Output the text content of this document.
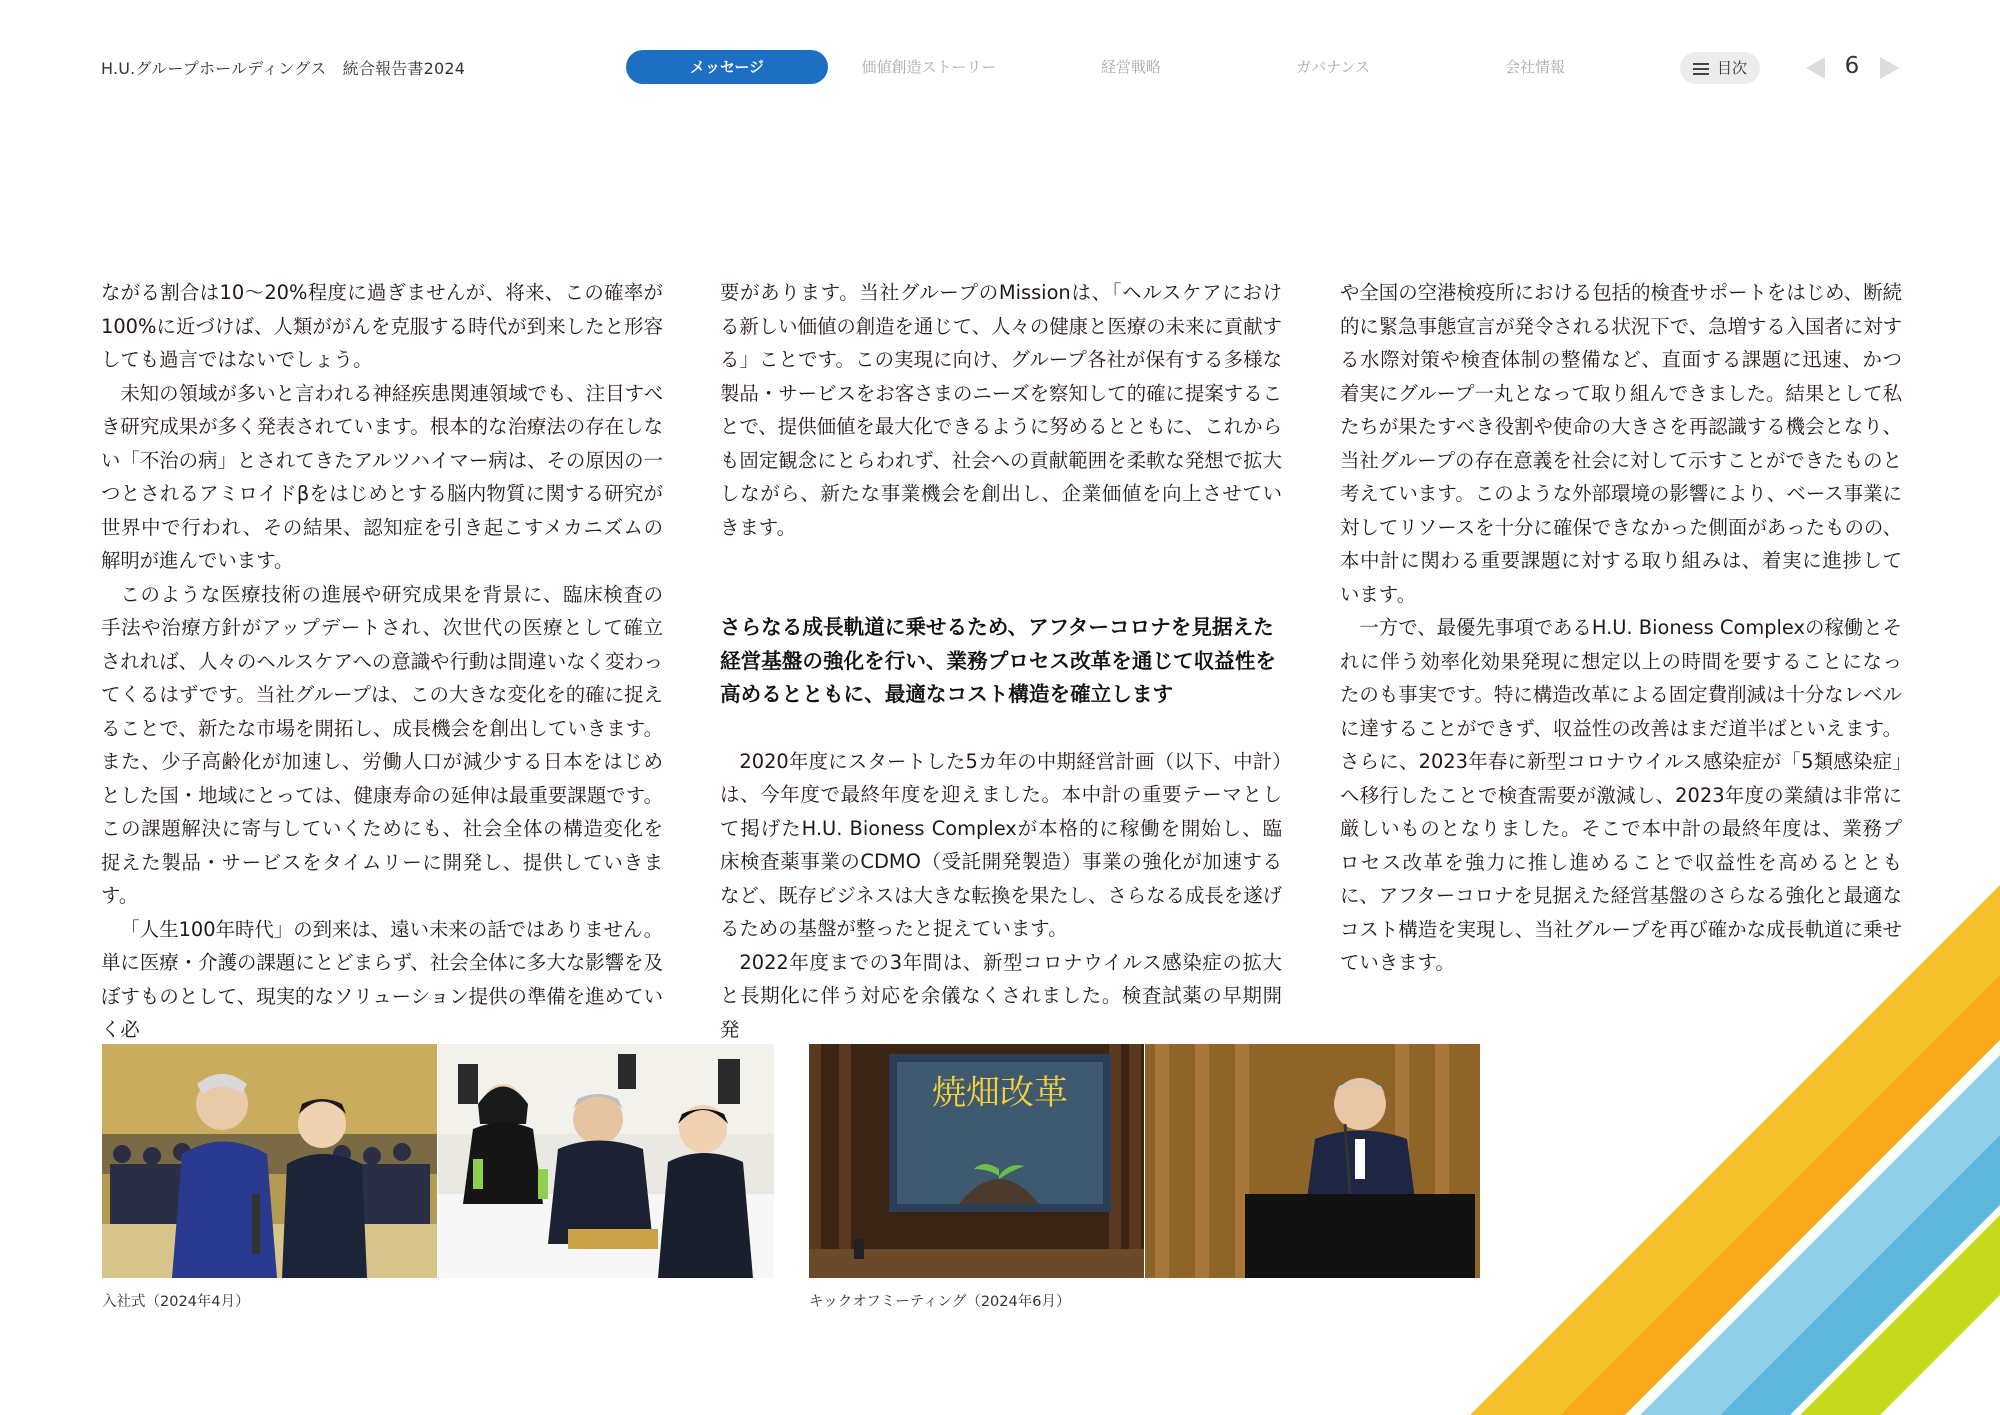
H.U.グループホールディングス　統合報告書2024	メッセージ	価値創造ストーリー	経営戦略	ガバナンス	会社情報	目次	6

ながる割合は10～20%程度に過ぎませんが、将来、この確率が100%に近づけば、人類ががんを克服する時代が到来したと形容しても過言ではないでしょう。

未知の領域が多いと言われる神経疾患関連領域でも、注目すべき研究成果が多く発表されています。根本的な治療法の存在しない「不治の病」とされてきたアルツハイマー病は、その原因の一つとされるアミロイドβをはじめとする脳内物質に関する研究が世界中で行われ、その結果、認知症を引き起こすメカニズムの解明が進んでいます。

このような医療技術の進展や研究成果を背景に、臨床検査の手法や治療方針がアップデートされ、次世代の医療として確立されれば、人々のヘルスケアへの意識や行動は間違いなく変わってくるはずです。当社グループは、この大きな変化を的確に捉えることで、新たな市場を開拓し、成長機会を創出していきます。また、少子高齢化が加速し、労働人口が減少する日本をはじめとした国・地域にとっては、健康寿命の延伸は最重要課題です。この課題解決に寄与していくためにも、社会全体の構造変化を捉えた製品・サービスをタイムリーに開発し、提供していきます。

「人生100年時代」の到来は、遠い未来の話ではありません。単に医療・介護の課題にとどまらず、社会全体に多大な影響を及ぼすものとして、現実的なソリューション提供の準備を進めていく必

要があります。当社グループのMissionは、「ヘルスケアにおける新しい価値の創造を通じて、人々の健康と医療の未来に貢献する」ことです。この実現に向け、グループ各社が保有する多様な製品・サービスをお客さまのニーズを察知して的確に提案することで、提供価値を最大化できるように努めるとともに、これからも固定観念にとらわれず、社会への貢献範囲を柔軟な発想で拡大しながら、新たな事業機会を創出し、企業価値を向上させていきます。

さらなる成長軌道に乗せるため、アフターコロナを見据えた経営基盤の強化を行い、業務プロセス改革を通じて収益性を高めるとともに、最適なコスト構造を確立します

2020年度にスタートした5カ年の中期経営計画（以下、中計）は、今年度で最終年度を迎えました。本中計の重要テーマとして掲げたH.U. Bioness Complexが本格的に稼働を開始し、臨床検査薬事業のCDMO（受託開発製造）事業の強化が加速するなど、既存ビジネスは大きな転換を果たし、さらなる成長を遂げるための基盤が整ったと捉えています。

2022年度までの3年間は、新型コロナウイルス感染症の拡大と長期化に伴う対応を余儀なくされました。検査試薬の早期開発

や全国の空港検疫所における包括的検査サポートをはじめ、断続的に緊急事態宣言が発令される状況下で、急増する入国者に対する水際対策や検査体制の整備など、直面する課題に迅速、かつ着実にグループ一丸となって取り組んできました。結果として私たちが果たすべき役割や使命の大きさを再認識する機会となり、当社グループの存在意義を社会に対して示すことができたものと考えています。このような外部環境の影響により、ベース事業に対してリソースを十分に確保できなかった側面があったものの、本中計に関わる重要課題に対する取り組みは、着実に進捗しています。

一方で、最優先事項であるH.U. Bioness Complexの稼働とそれに伴う効率化効果発現に想定以上の時間を要することになったのも事実です。特に構造改革による固定費削減は十分なレベルに達することができず、収益性の改善はまだ道半ばといえます。さらに、2023年春に新型コロナウイルス感染症が「5類感染症」へ移行したことで検査需要が激減し、2023年度の業績は非常に厳しいものとなりました。そこで本中計の最終年度は、業務プロセス改革を強力に推し進めることで収益性を高めるとともに、アフターコロナを見据えた経営基盤のさらなる強化と最適なコスト構造を実現し、当社グループを再び確かな成長軌道に乗せていきます。

入社式（2024年4月）
焼畑改革
キックオフミーティング（2024年6月）
